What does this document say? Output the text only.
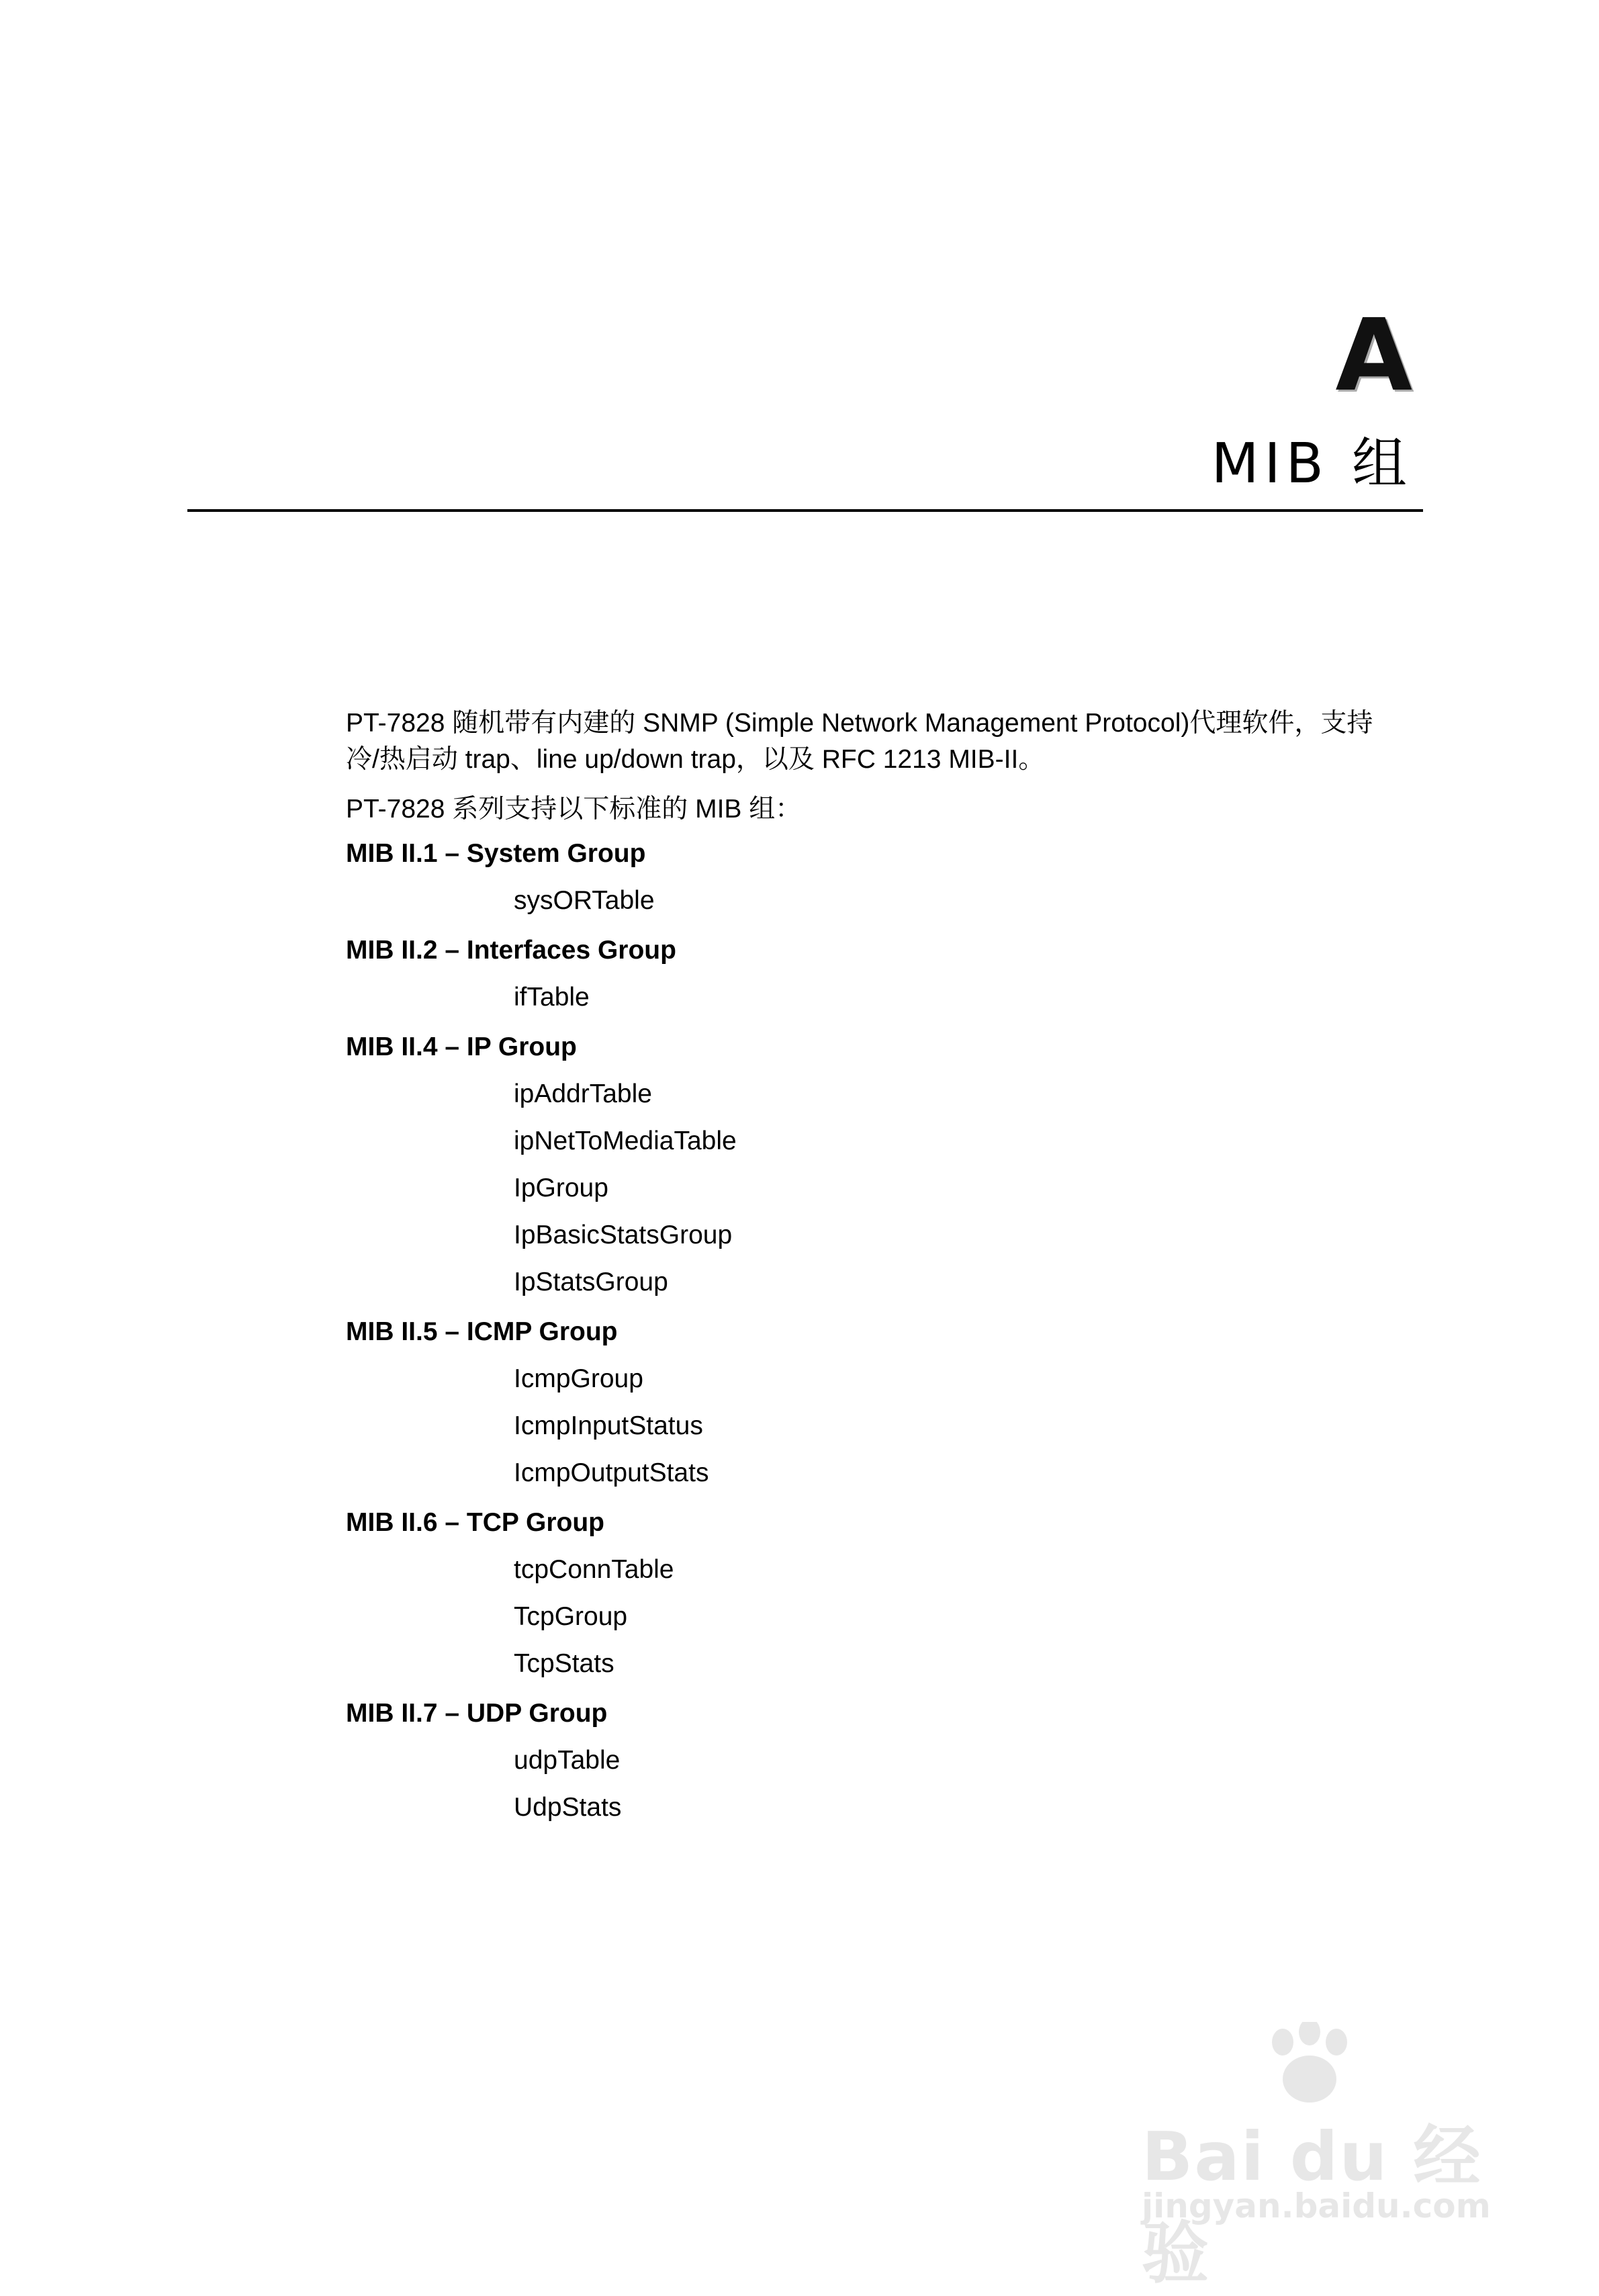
A
MIB 组

PT-7828 随机带有内建的 SNMP (Simple Network Management Protocol)代理软件，支持
冷/热启动 trap、line up/down trap，以及 RFC 1213 MIB-II。

PT-7828 系列支持以下标准的 MIB 组：

MIB II.1 – System Group

sysORTable

MIB II.2 – Interfaces Group

ifTable

MIB II.4 – IP Group

ipAddrTable

ipNetToMediaTable

IpGroup

IpBasicStatsGroup

IpStatsGroup

MIB II.5 – ICMP Group

IcmpGroup

IcmpInputStatus

IcmpOutputStats

MIB II.6 – TCP Group

tcpConnTable

TcpGroup

TcpStats

MIB II.7 – UDP Group

udpTable

UdpStats

Bai du 经验
jingyan.baidu.com
